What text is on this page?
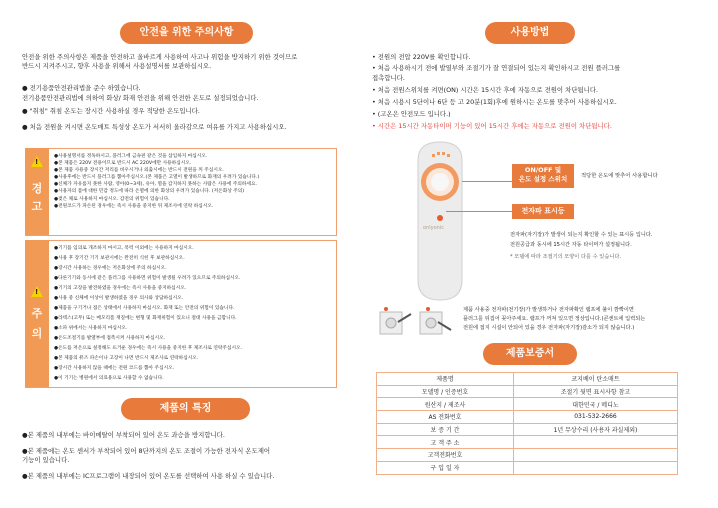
안전을 위한 주의사항
안전을 위한 주의사항은 제품을 안전하고 올바르게 사용하여 사고나 위험을 방지하기 위한 것이므로
반드시 지켜주시고, 향후 사용을 위해서 사용설명서를 보관하십시오.
● 전기용품안전관리법을 준수 하였습니다.
전기용품안전관리법에 의하여 화상/ 화재 안전을 위해 안전한 온도로 설정되었습니다.
● "취침" 취침 온도는 장시간 사용하실 경우 적당한 온도입니다.
● 처음 전원을 켜시면 온도매트 특성상 온도가 서서히 올라감으로 여유를 가지고 사용하십시오.
!
경
고
●사용설명서를 정독하시고, 플러그에 금속핀 같은 것을 삽입하지 마십시오.
●본 제품은 220V 전용이므로 반드시 AC 220V에만 사용하십시오.
●본 제품 사용중 장시간 저리를 비우시거나 외출시에는 반드시 전원을 꺼 주십시오.
●사용후에는 반드시 플러그를 뽑아주십시오.(본 제품은 고열이 발생하므로 화재의 우려가 있습니다.)
●신체가 자유롭지 못한 사람, 영아(0~3세), 유아, 열을 감지하지 못하는 사람은 사용에 주의하세요.
●사용자의 몸에 대한 민감 정도에 따라 온열에 의한 화상의 우려가 있습니다. (저온화상 주의)
●젖은 채로 사용하지 마십시오. 감전의 위험이 있습니다.
●전원코드가 파손된 경우에는 즉시 사용을 중지한 뒤 제조사에 연락 하십시오.
!
주
의
●기기를 임의로 개조하지 마시고, 폭력 이외에는 사용하지 마십시오.
●사용 후 장기간 기기 보관시에는 완전히 식힌 후 보관하십시오.
●장시간 사용하는 경우에는 저온화상에 주의 하십시오.
●다른기기와 동시에 같은 플러그를 사용하면 위험이 발생될 우려가 있으므로 주의하십시오.
●기기의 고장을 발견하였을 경우에는 즉시 사용을 중지하십시오.
●사용 중 신체에 이상이 발생하였을 경우 의사와 상담하십시오.
●제품을 구기거나 접은 상태에서 사용하지 마십시오. 화재 또는 안전의 위험이 있습니다.
●라텍스(고무) 또는 메모리폼 재질에는 변형 및 화재위험이 있으니 절대 사용을 금합니다.
●소파 위에서는 사용하지 마십시오.
●온도조절기를 발열부에 접촉시켜 사용하지 마십시오.
●온도를 저온으로 설정해도 뜨거운 경우에는 즉시 사용을 중지한 후 제조사로 연락주십시오.
●본 제품의 퓨즈 파손이나 고장이 나면 반드시 제조사로 연락하십시오.
●장시간 사용하지 않을 때에는 전원 코드를 뽑아 주십시오.
●이 기기는 병원에서 의료용으로 사용할 수 없습니다.
제품의 특징
●본 제품의 내부에는 바이메탈이 부착되어 있어 온도 과승을 방지합니다.
●본 제품에는 온도 센서가 부착되어 있어 8단까지의 온도 조절이 가능한 전자식 온도제어
기능이 있습니다.
●본 제품의 내부에는 IC프로그램이 내장되어 있어 온도를 선택하여 사용 하실 수 있습니다.
사용방법
• 전원의 전압 220V를 확인합니다.
• 처음 사용하시기 전에 발열부와 조절기가 잘 연결되어 있는지 확인하시고 전원 플러그를
접촉합니다.
• 처음 전원스위치를 켜면(ON) 시간은 15시간 후에 자동으로 전원이 차단됩니다.
• 처음 시용시 5단이나 6단 등 고 20분(1회)후에 원하시는 온도를 맞추어 사용하십시오.
• (고온은 안전모드 입니다.)
• 시간은 15시간 자동타이머 기능이 있어 15시간 후에는 자동으로 전원이 차단됩니다.
onlyonic
ON/OFF 및
온도 설정 스위치	적당한 온도에 맞추어 사용합니다
전자파 표시등
전자파(자기장)가 발생이 되는지 확인할 수 있는 표시등 입니다.
전원공급과 동시에 15시간 자동 타이머가 설정됩니다.
* 모델에 따라 조절기의 모양이 다를 수 있습니다.
제품 사용중 전자파(전기장)가 발생하거나 전자파확인 램프에 불이 깜빡이면
플러그를 뒤집어 꽂아주세요. 램프가 꺼져 있으면 정상입니다.(콘센트에 입력되는
전원에 접지 시설이 안되어 있을 경우 전자파(자기장)감소가 되지 않습니다.)
제품보증서
제품명	코지베이 탄소매트
모델명 / 인증번호	조절기 뒷면 표시사항 참고
원산지 / 제조사	대한민국 / 메디노
AS 전화번호	031-532-2666
보 증 기 간	1년 무상수리 (사용자 과실제외)
고 객 주 소	
고객전화번호	
구 입 일 자	
